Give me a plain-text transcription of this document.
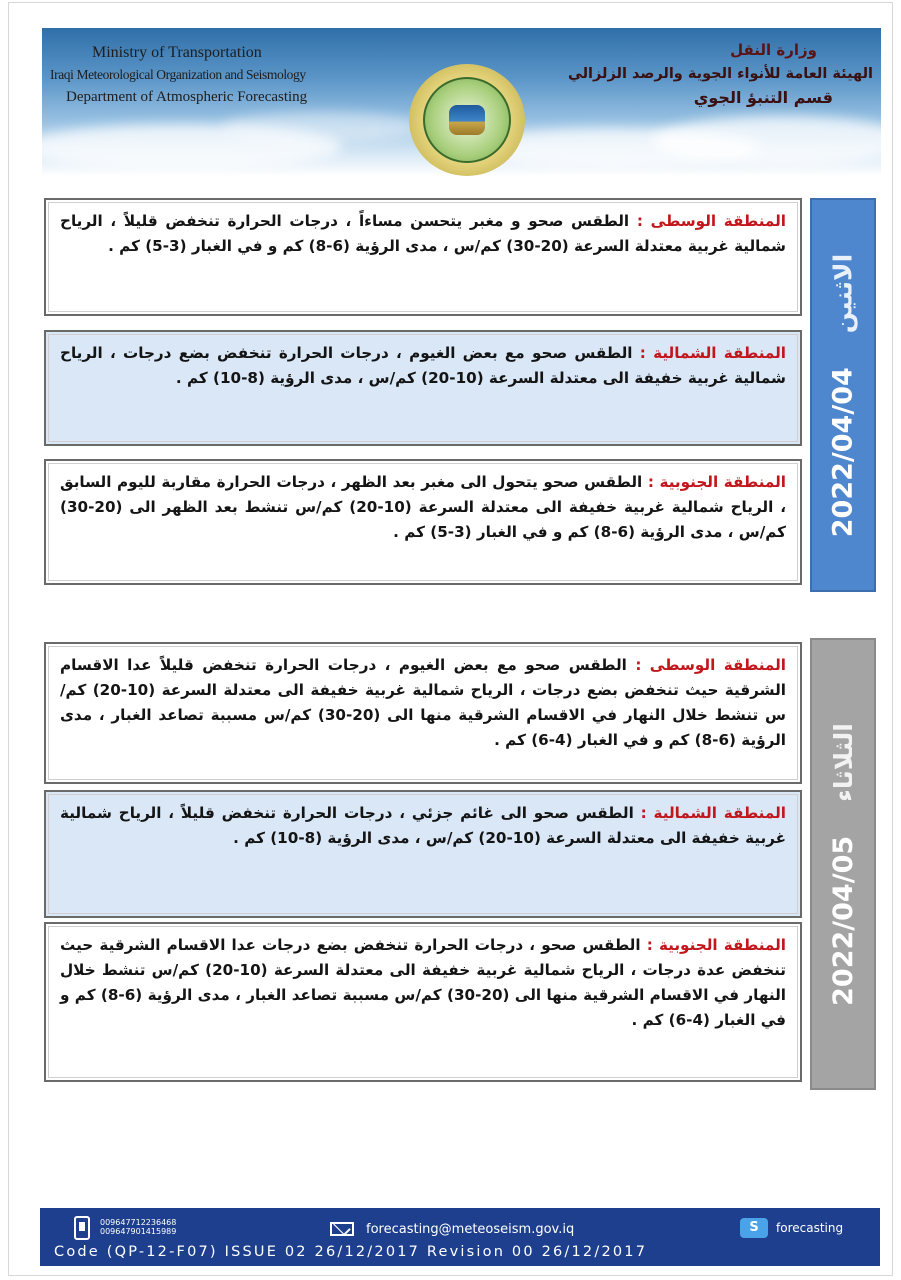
Ministry of Transportation
Iraqi Meteorological Organization and Seismology
Department of Atmospheric Forecasting
وزارة النقل
الهيئة العامة للأنواء الجوية والرصد الزلزالي
قسم التنبؤ الجوي
2022/04/04
الاثنين

المنطقة الوسطى : الطقس صحو و مغبر يتحسن مساءاً ، درجات الحرارة تنخفض قليلاً ، الرياح شمالية غربية معتدلة السرعة (20-30) كم/س ، مدى الرؤية (6-8) كم و في الغبار (3-5) كم .

المنطقة الشمالية : الطقس صحو مع بعض الغيوم ، درجات الحرارة تنخفض بضع درجات ، الرياح شمالية غربية خفيفة الى معتدلة السرعة (10-20) كم/س ، مدى الرؤية (8-10) كم .

المنطقة الجنوبية : الطقس صحو يتحول الى مغبر بعد الظهر ، درجات الحرارة مقاربة لليوم السابق ، الرياح شمالية غربية خفيفة الى معتدلة السرعة (10-20) كم/س تنشط بعد الظهر الى (20-30) كم/س ، مدى الرؤية (6-8) كم و في الغبار (3-5) كم .

2022/04/05
الثلاثاء

المنطقة الوسطى : الطقس صحو مع بعض الغيوم ، درجات الحرارة تنخفض قليلاً عدا الاقسام الشرقية حيث تنخفض بضع درجات ، الرياح شمالية غربية خفيفة الى معتدلة السرعة (10-20) كم/س تنشط خلال النهار في الاقسام الشرقية منها الى (20-30) كم/س مسببة تصاعد الغبار ، مدى الرؤية (6-8) كم و في الغبار (4-6) كم .

المنطقة الشمالية : الطقس صحو الى غائم جزئي ، درجات الحرارة تنخفض قليلاً ، الرياح شمالية غربية خفيفة الى معتدلة السرعة (10-20) كم/س ، مدى الرؤية (8-10) كم .

المنطقة الجنوبية : الطقس صحو ، درجات الحرارة تنخفض بضع درجات عدا الاقسام الشرقية حيث تنخفض عدة درجات ، الرياح شمالية غربية خفيفة الى معتدلة السرعة (10-20) كم/س تنشط خلال النهار في الاقسام الشرقية منها الى (20-30) كم/س مسببة تصاعد الغبار ، مدى الرؤية (6-8) كم و في الغبار (4-6) كم .

009647712236468
009647901415989	forecasting@meteoseism.gov.iq	S	forecasting
Code (QP-12-F07) ISSUE 02 26/12/2017 Revision 00 26/12/2017
